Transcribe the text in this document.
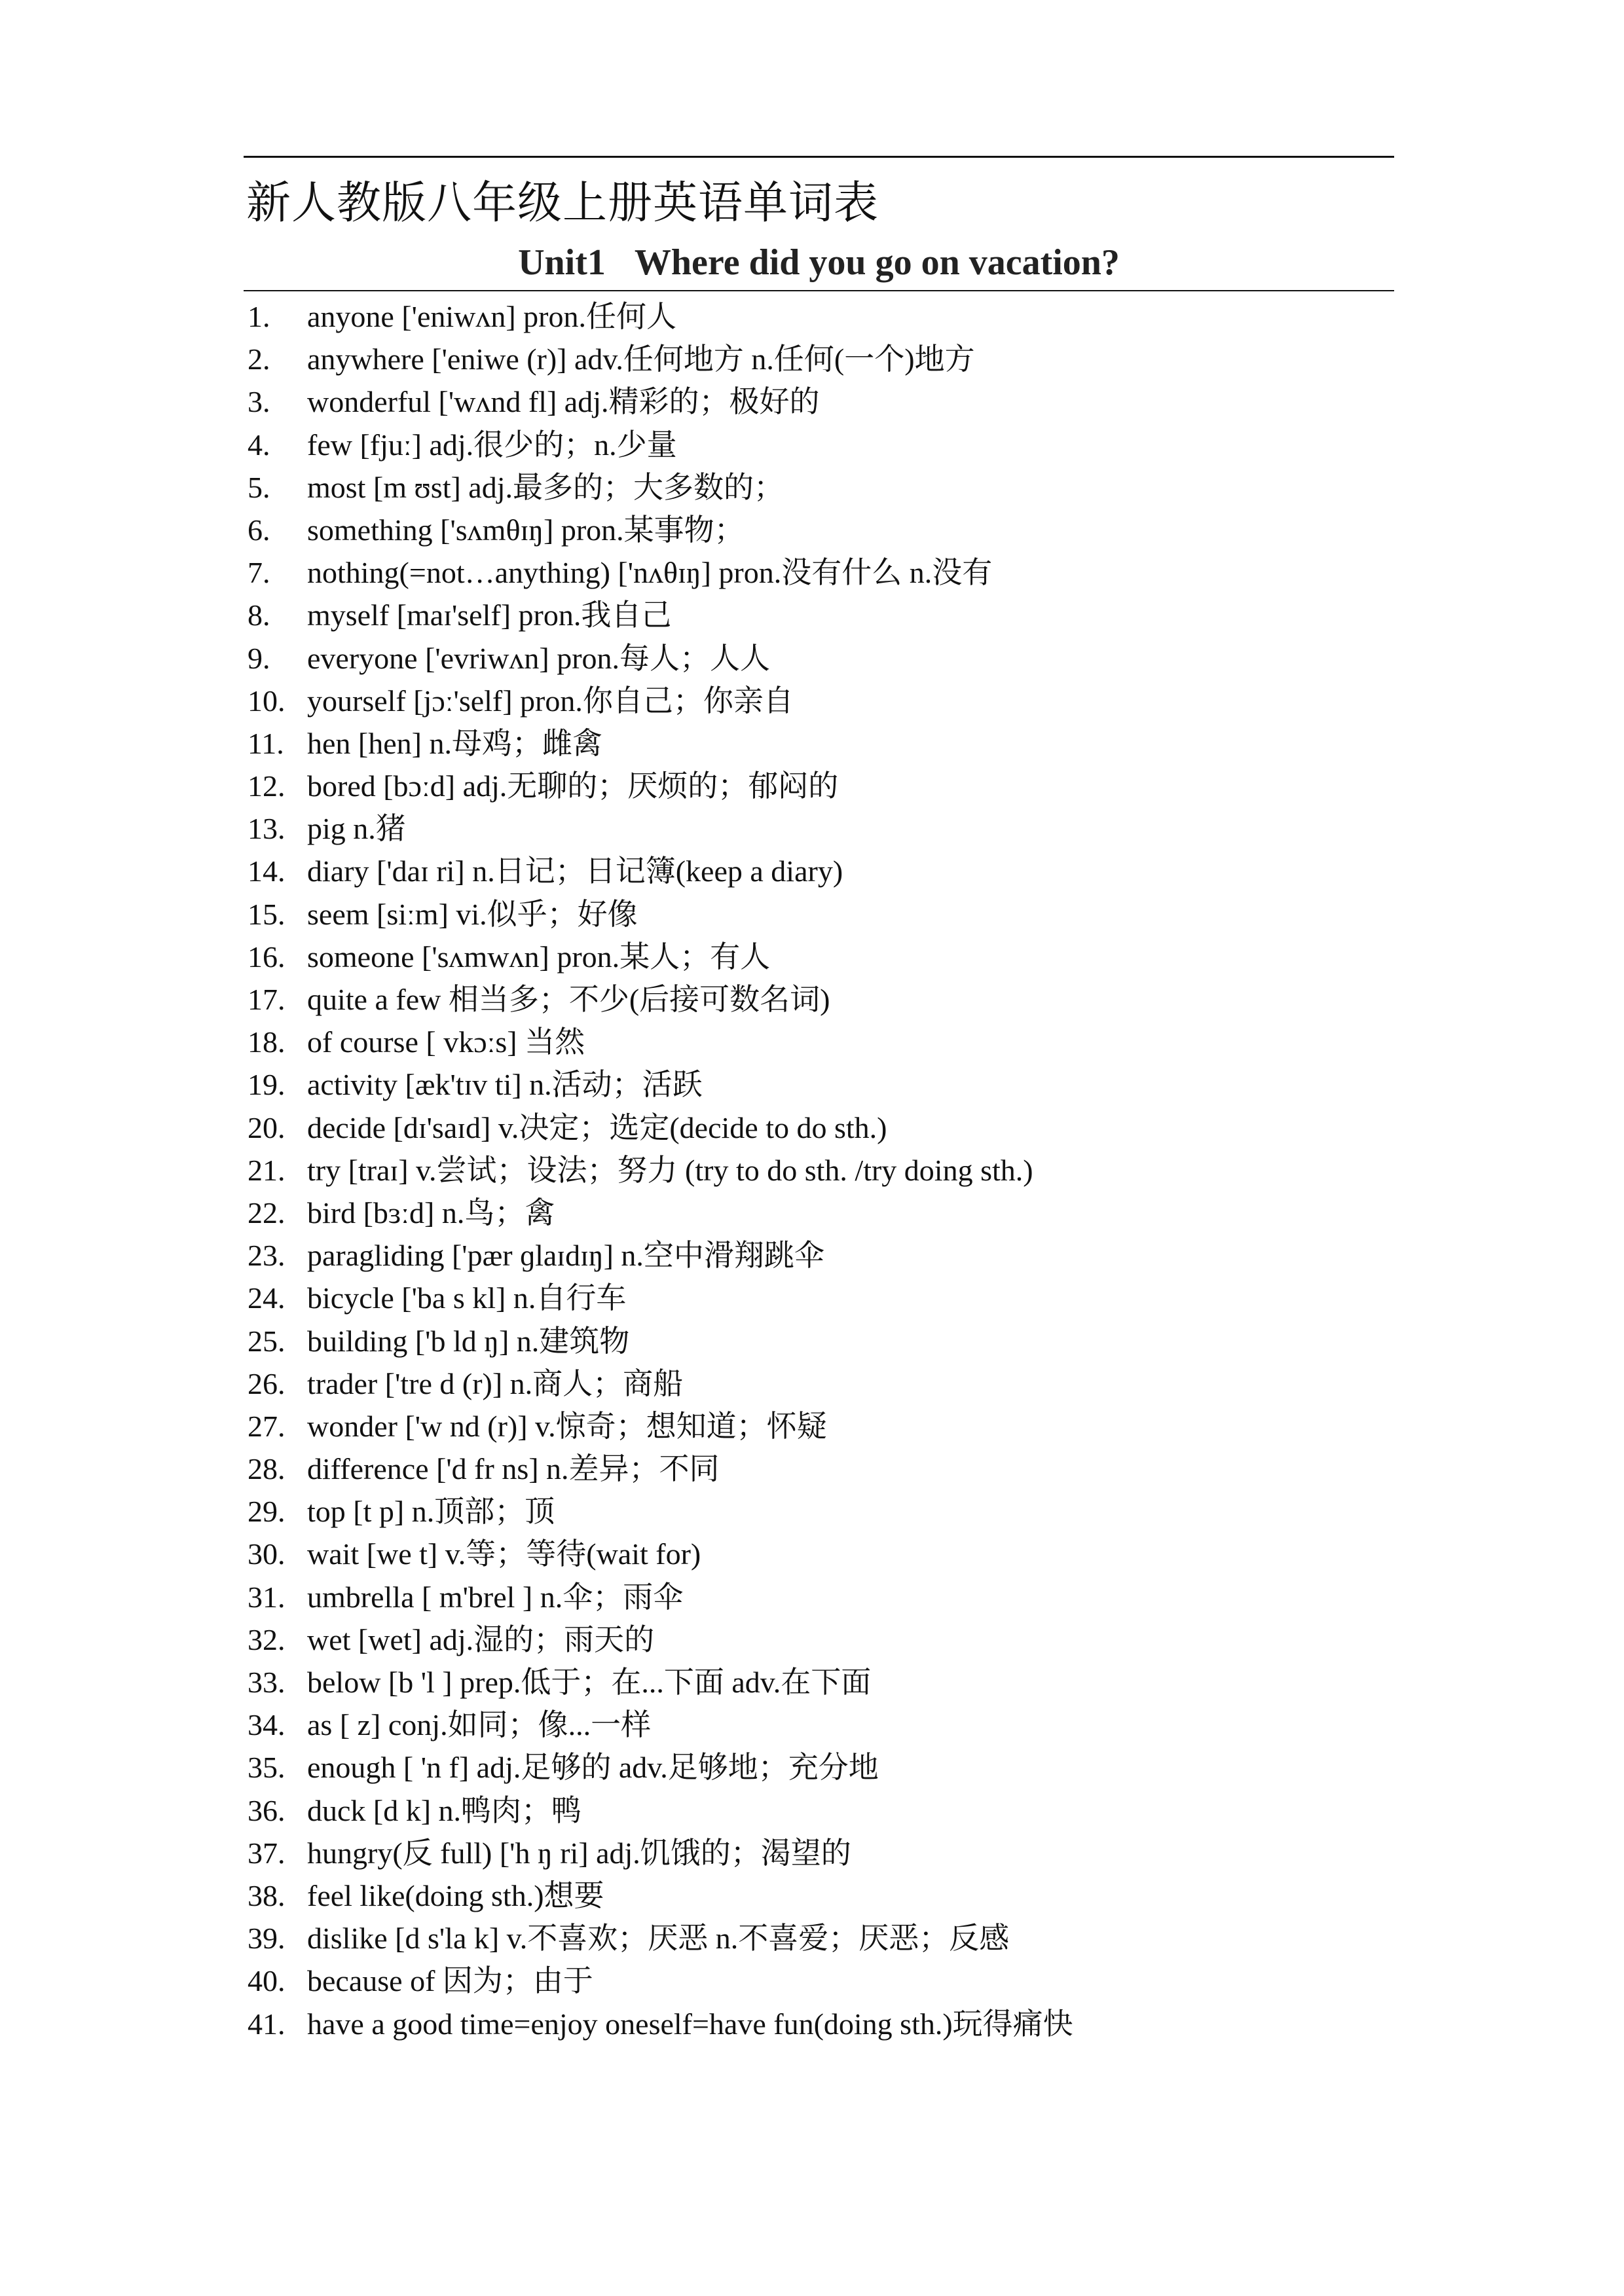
新人教版八年级上册英语单词表
Unit1 Where did you go on vacation?
1.	anyone ['eniwʌn] pron.任何人
2.	anywhere ['eniwe (r)] adv.任何地方 n.任何(一个)地方
3.	wonderful ['wʌnd fl] adj.精彩的；极好的
4.	few [fjuː] adj.很少的；n.少量
5.	most [m ʊst] adj.最多的；大多数的；
6.	something ['sʌmθɪŋ] pron.某事物；
7.	nothing(=not…anything) ['nʌθɪŋ] pron.没有什么 n.没有
8.	myself [maɪ'self] pron.我自己
9.	everyone ['evriwʌn] pron.每人；人人
10. yourself [jɔː'self] pron.你自己；你亲自
11. hen [hen] n.母鸡；雌禽
12. bored [bɔːd] adj.无聊的；厌烦的；郁闷的
13. pig n.猪
14. diary ['daɪ ri] n.日记；日记簿(keep a diary)
15. seem [siːm] vi.似乎；好像
16. someone ['sʌmwʌn] pron.某人；有人
17. quite a few 相当多；不少(后接可数名词)
18. of course [ vkɔːs] 当然
19. activity [æk'tɪv ti] n.活动；活跃
20. decide [dɪ'saɪd] v.决定；选定(decide to do sth.)
21. try [traɪ] v.尝试；设法；努力 (try to do sth. /try doing sth.)
22. bird [bɜːd] n.鸟；禽
23. paragliding ['pær ɡlaɪdɪŋ] n.空中滑翔跳伞
24. bicycle ['ba s kl] n.自行车
25. building ['b ld ŋ] n.建筑物
26. trader ['tre d (r)] n.商人；商船
27. wonder ['w nd (r)] v.惊奇；想知道；怀疑
28. difference ['d fr ns] n.差异；不同
29. top [t p] n.顶部；顶
30. wait [we t] v.等；等待(wait for)
31. umbrella [ m'brel ] n.伞；雨伞
32. wet [wet] adj.湿的；雨天的
33. below [b 'l ] prep.低于；在...下面 adv.在下面
34. as [ z] conj.如同；像...一样
35. enough [ 'n f] adj.足够的 adv.足够地；充分地
36. duck [d k] n.鸭肉；鸭
37. hungry(反 full) ['h ŋ ri] adj.饥饿的；渴望的
38. feel like(doing sth.)想要
39. dislike [d s'la k] v.不喜欢；厌恶 n.不喜爱；厌恶；反感
40. because of 因为；由于
41. have a good time=enjoy oneself=have fun(doing sth.)玩得痛快
